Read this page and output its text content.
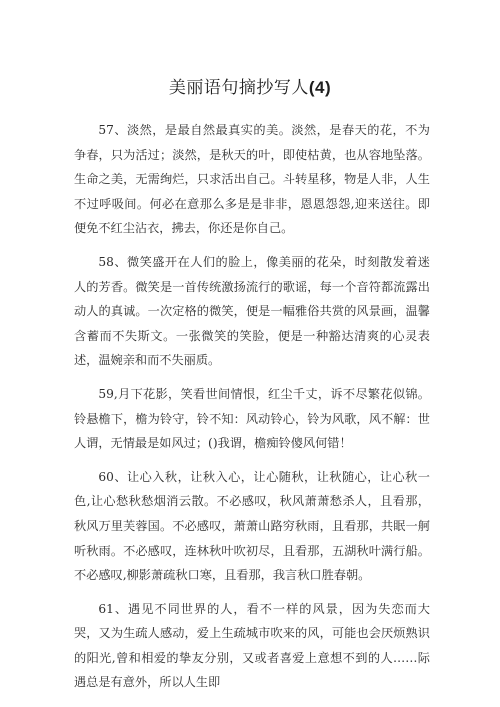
美丽语句摘抄写人(4)

57、淡然，是最自然最真实的美。淡然，是春天的花，不为争春，只为活过；淡然，是秋天的叶，即使枯黄，也从容地坠落。生命之美，无需绚烂，只求活出自己。斗转星移，物是人非，人生不过呼吸间。何必在意那么多是是非非，恩恩怨怨,迎来送往。即便免不红尘沾衣，拂去，你还是你自己。

58、微笑盛开在人们的脸上，像美丽的花朵，时刻散发着迷人的芳香。微笑是一首传统激扬流行的歌谣，每一个音符都流露出动人的真诚。一次定格的微笑，便是一幅雅俗共赏的风景画，温馨含蓄而不失斯文。一张微笑的笑脸，便是一种豁达清爽的心灵表述，温婉亲和而不失丽质。

59,月下花影，笑看世间情恨，红尘千丈，诉不尽繁花似锦。铃悬檐下，檐为铃守，铃不知：风动铃心，铃为风歌，风不解：世人谓，无情最是如风过；()我谓，檐痴铃傻风何错！

60、让心入秋，让秋入心，让心随秋，让秋随心，让心秋一色,让心愁秋愁烟消云散。不必感叹，秋风萧萧愁杀人，且看那，秋风万里芙蓉国。不必感叹，萧萧山路穷秋雨，且看那，共眠一舸听秋雨。不必感叹，连林秋叶吹初尽，且看那，五湖秋叶满行船。不必感叹,柳影萧疏秋口寒，且看那，我言秋口胜春朝。

61、遇见不同世界的人，看不一样的风景，因为失恋而大哭，又为生疏人感动，爱上生疏城市吹来的风，可能也会厌烦熟识的阳光,曾和相爱的挚友分别，又或者喜爱上意想不到的人……际遇总是有意外，所以人生即
